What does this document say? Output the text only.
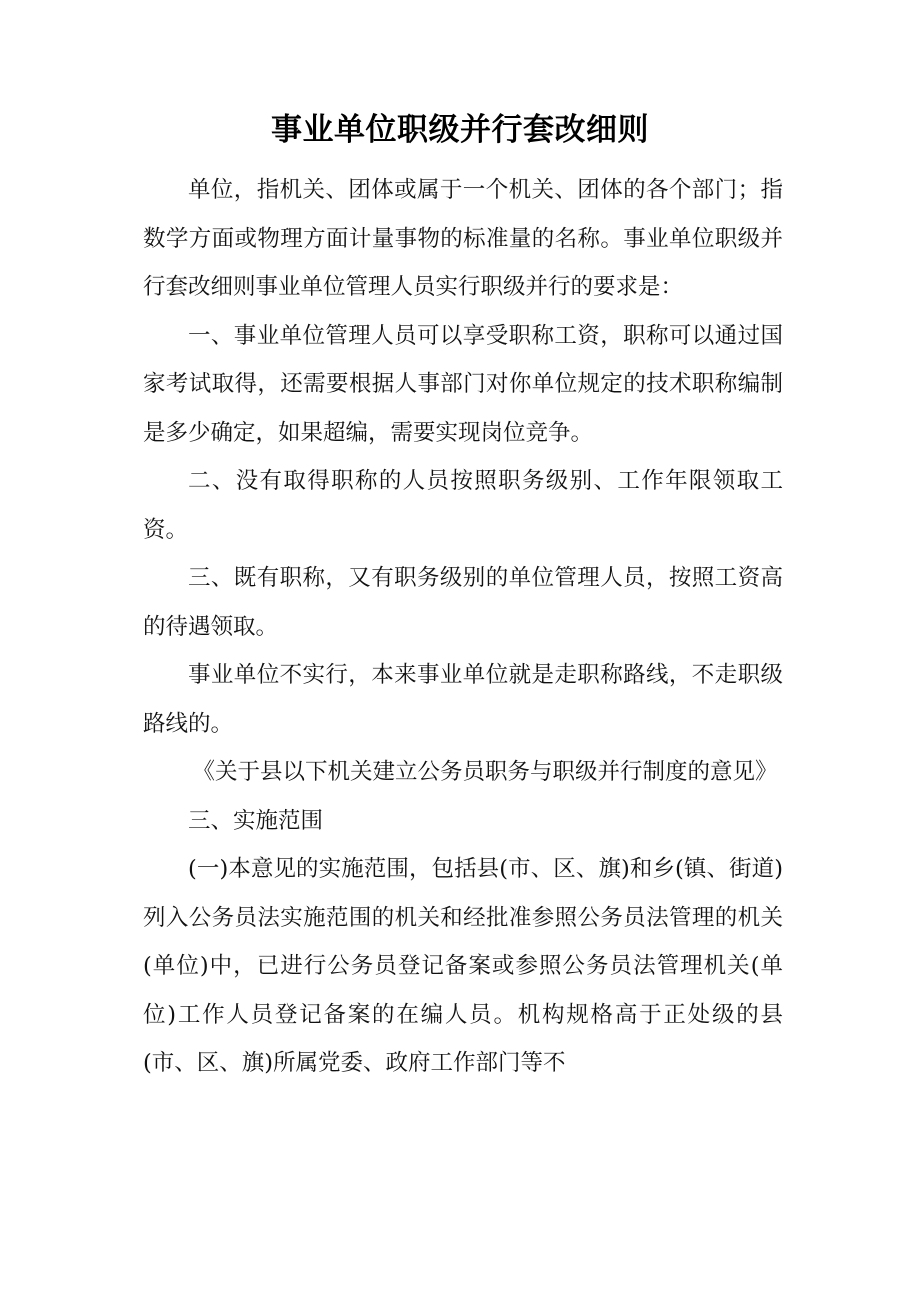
事业单位职级并行套改细则

单位，指机关、团体或属于一个机关、团体的各个部门；指数学方面或物理方面计量事物的标准量的名称。事业单位职级并行套改细则事业单位管理人员实行职级并行的要求是：

一、事业单位管理人员可以享受职称工资，职称可以通过国家考试取得，还需要根据人事部门对你单位规定的技术职称编制是多少确定，如果超编，需要实现岗位竞争。

二、没有取得职称的人员按照职务级别、工作年限领取工资。

三、既有职称，又有职务级别的单位管理人员，按照工资高的待遇领取。

事业单位不实行，本来事业单位就是走职称路线，不走职级路线的。

《关于县以下机关建立公务员职务与职级并行制度的意见》

三、实施范围

(一)本意见的实施范围，包括县(市、区、旗)和乡(镇、街道)列入公务员法实施范围的机关和经批准参照公务员法管理的机关(单位)中，已进行公务员登记备案或参照公务员法管理机关(单位)工作人员登记备案的在编人员。机构规格高于正处级的县(市、区、旗)所属党委、政府工作部门等不
